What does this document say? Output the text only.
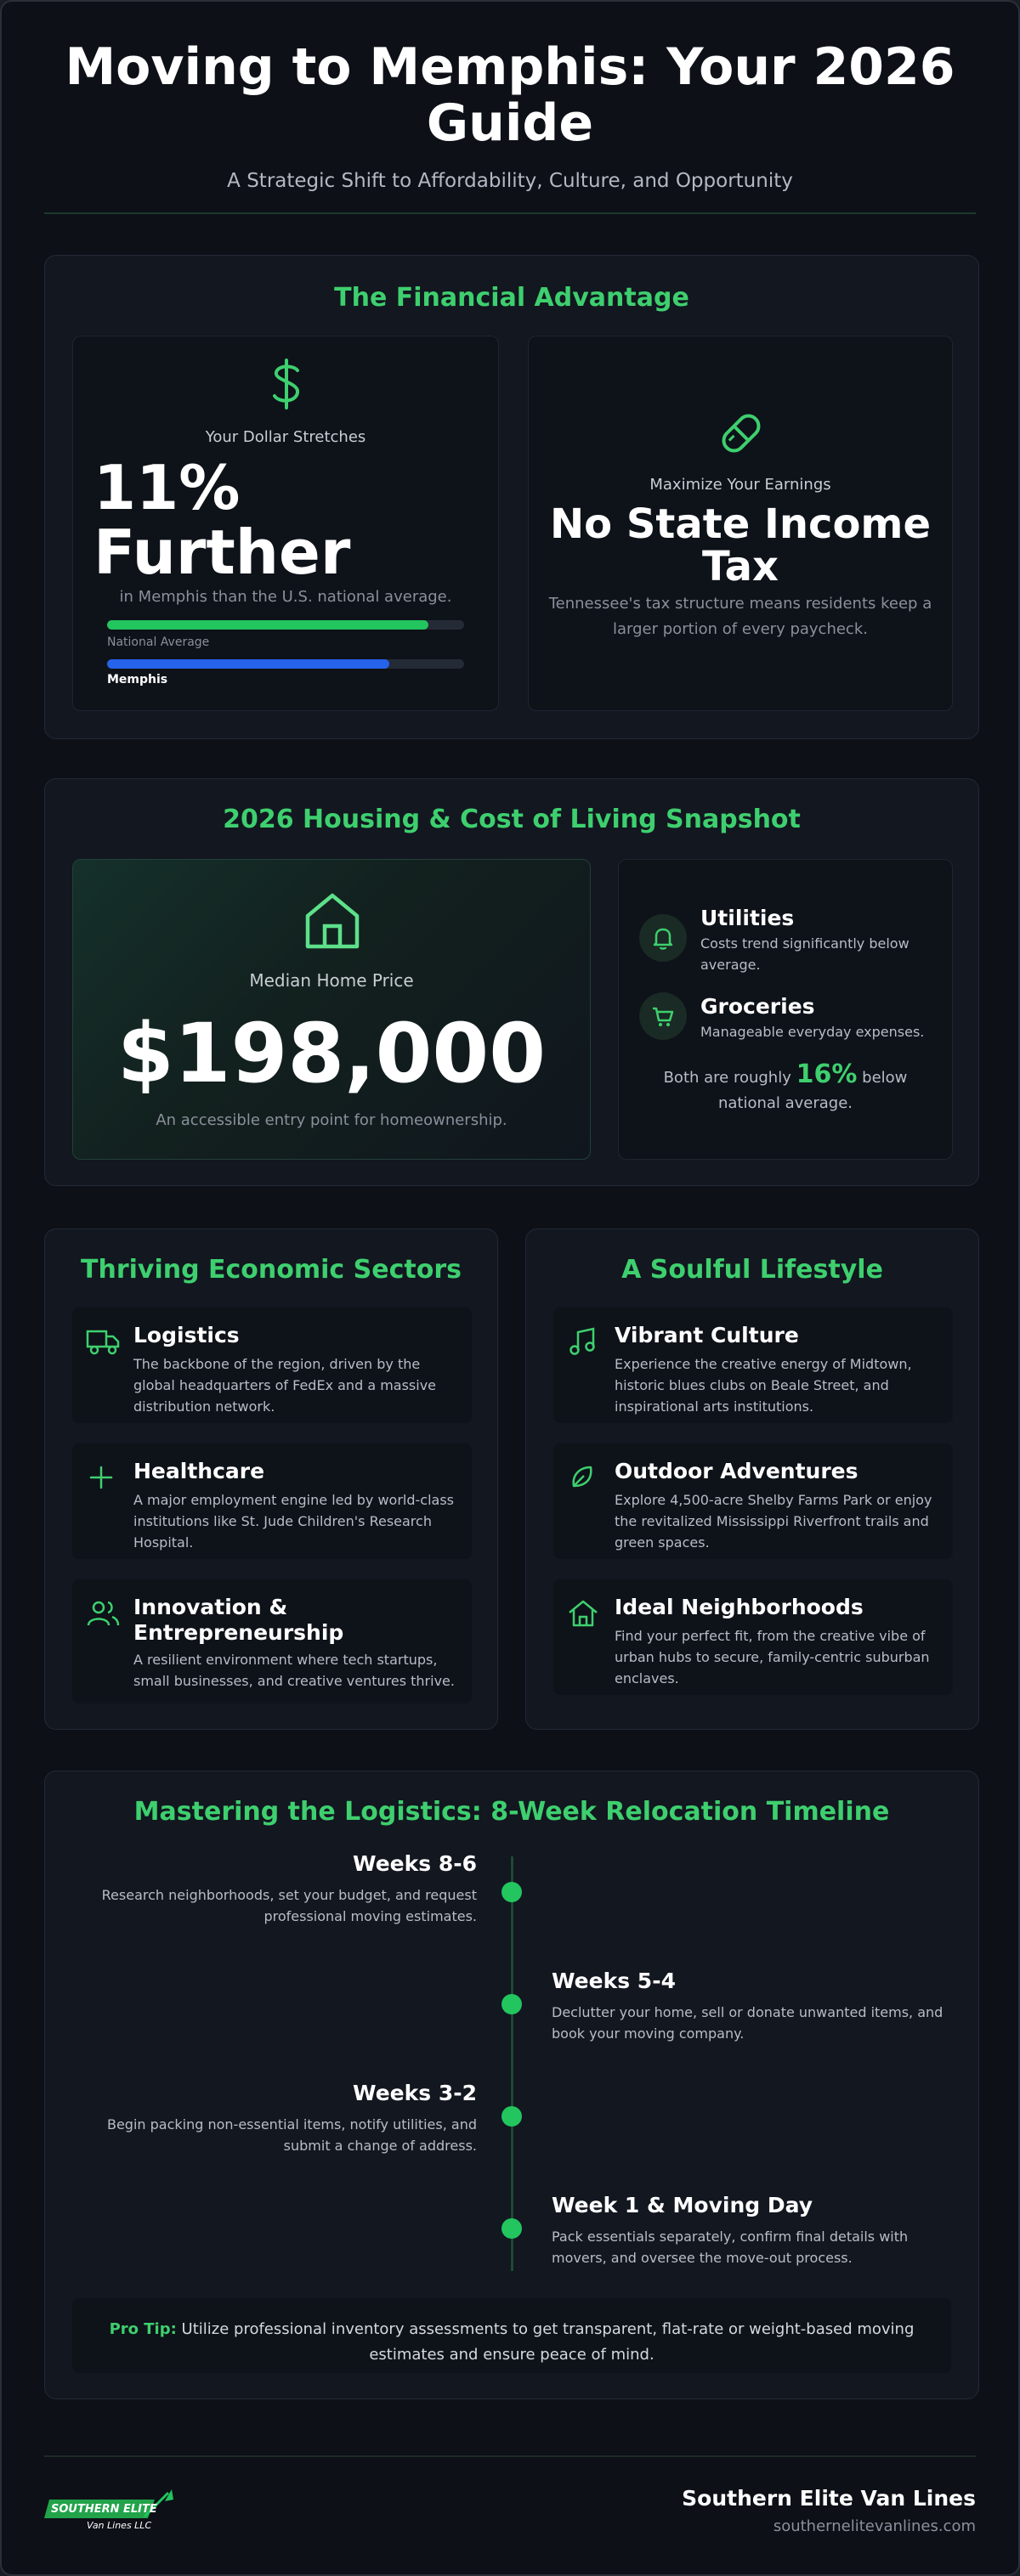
Moving to Memphis: Your 2026 Guide
A Strategic Shift to Affordability, Culture, and Opportunity
The Financial Advantage
Your Dollar Stretches
11% Further
in Memphis than the U.S. national average.
National Average
Memphis
Maximize Your Earnings
No State Income Tax
Tennessee's tax structure means residents keep a larger portion of every paycheck.
2026 Housing & Cost of Living Snapshot
Median Home Price
$198,000
An accessible entry point for homeownership.
Utilities
Costs trend significantly below average.
Groceries
Manageable everyday expenses.
Both are roughly 16% below national average.
Thriving Economic Sectors
Logistics

The backbone of the region, driven by the global headquarters of FedEx and a massive distribution network.

Healthcare

A major employment engine led by world-class institutions like St. Jude Children's Research Hospital.

Innovation & Entrepreneurship

A resilient environment where tech startups, small businesses, and creative ventures thrive.

A Soulful Lifestyle
Vibrant Culture

Experience the creative energy of Midtown, historic blues clubs on Beale Street, and inspirational arts institutions.

Outdoor Adventures

Explore 4,500-acre Shelby Farms Park or enjoy the revitalized Mississippi Riverfront trails and green spaces.

Ideal Neighborhoods

Find your perfect fit, from the creative vibe of urban hubs to secure, family-centric suburban enclaves.

Mastering the Logistics: 8-Week Relocation Timeline
Weeks 8-6

Research neighborhoods, set your budget, and request professional moving estimates.

Weeks 5-4

Declutter your home, sell or donate unwanted items, and book your moving company.

Weeks 3-2

Begin packing non-essential items, notify utilities, and submit a change of address.

Week 1 & Moving Day

Pack essentials separately, confirm final details with movers, and oversee the move-out process.

Pro Tip: Utilize professional inventory assessments to get transparent, flat-rate or weight-based moving estimates and ensure peace of mind.
SOUTHERN ELITE
Van Lines LLC
Southern Elite Van Lines
southernelitevanlines.com
